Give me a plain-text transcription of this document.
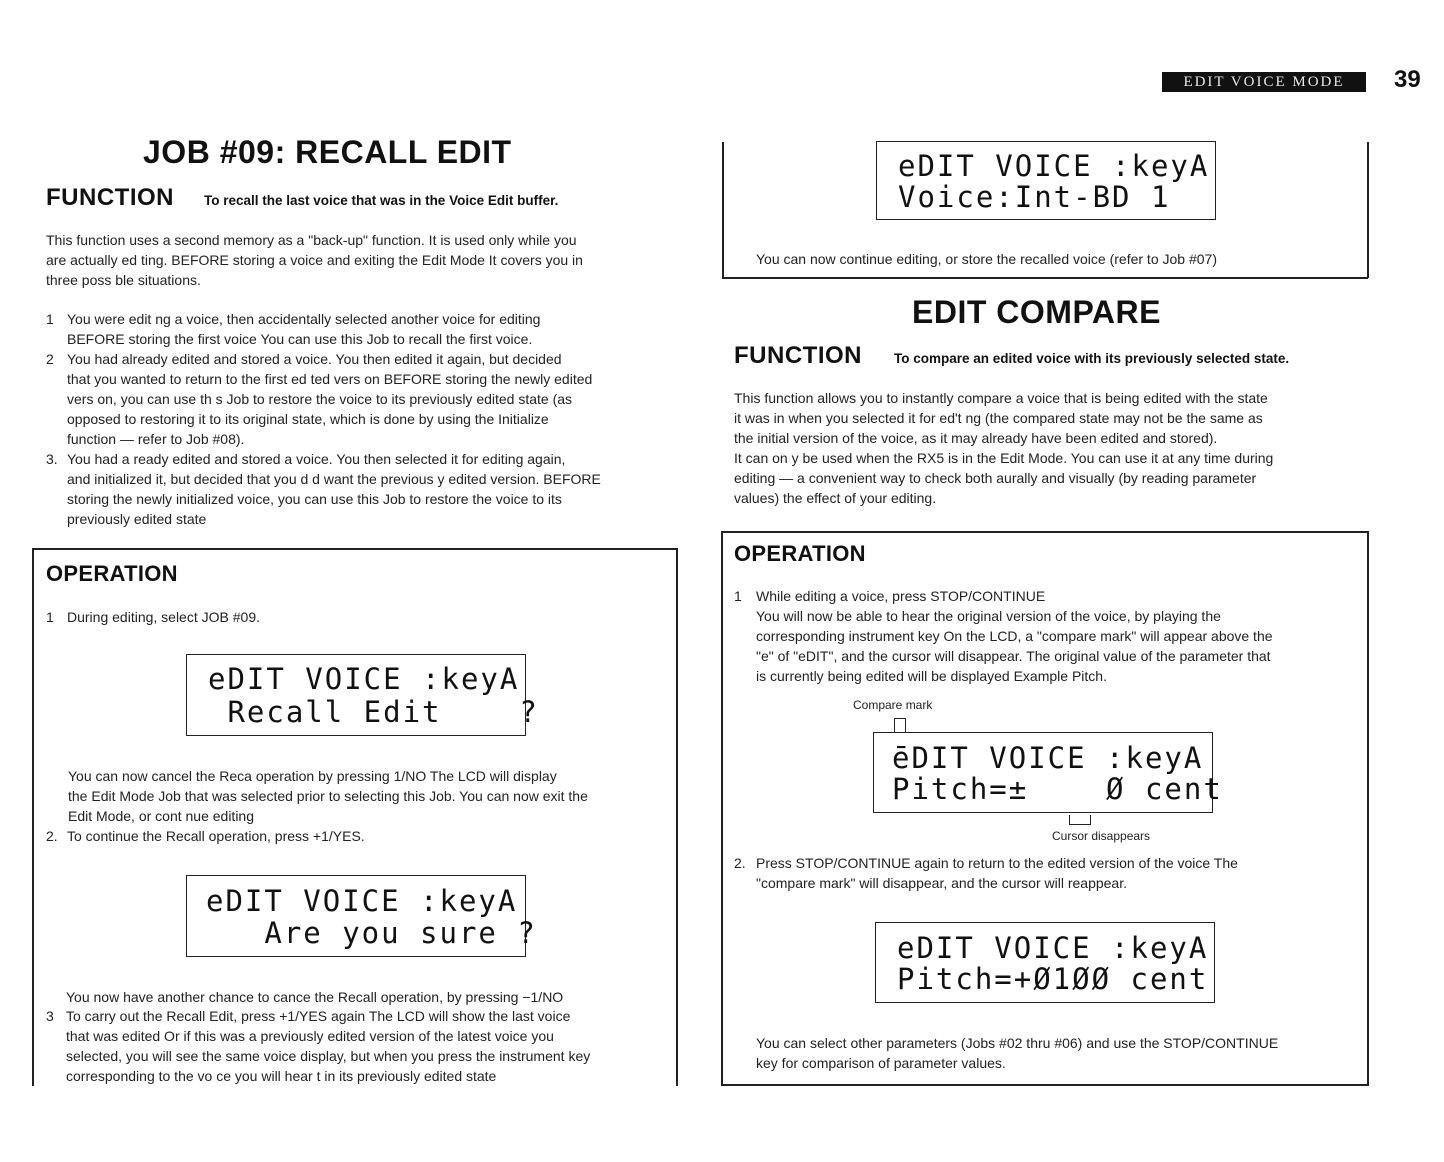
EDIT VOICE MODE	39
JOB #09: RECALL EDIT
FUNCTION To recall the last voice that was in the Voice Edit buffer.

This function uses a second memory as a "back-up" function. It is used only while you

are actually ed ting. BEFORE storing a voice and exiting the Edit Mode It covers you in

three poss ble situations.

1 You were edit ng a voice, then accidentally selected another voice for editing

BEFORE storing the first voice You can use this Job to recall the first voice.

2 You had already edited and stored a voice. You then edited it again, but decided

that you wanted to return to the first ed ted vers on BEFORE storing the newly edited

vers on, you can use th s Job to restore the voice to its previously edited state (as

opposed to restoring it to its original state, which is done by using the Initialize

function — refer to Job #08).

3. You had a ready edited and stored a voice. You then selected it for editing again,

and initialized it, but decided that you d d want the previous y edited version. BEFORE

storing the newly initialized voice, you can use this Job to restore the voice to its

previously edited state

OPERATION
1 During editing, select JOB #09.

eDIT VOICE :keyA
Recall Edit    ?

You can now cancel the Reca operation by pressing 1/NO The LCD will display

the Edit Mode Job that was selected prior to selecting this Job. You can now exit the

Edit Mode, or cont nue editing

2. To continue the Recall operation, press +1/YES.

eDIT VOICE :keyA
Are you sure ?

You now have another chance to cance the Recall operation, by pressing −1/NO

3 To carry out the Recall Edit, press +1/YES again The LCD will show the last voice

that was edited Or if this was a previously edited version of the latest voice you

selected, you will see the same voice display, but when you press the instrument key

corresponding to the vo ce you will hear t in its previously edited state

eDIT VOICE :keyA
Voice:Int-BD 1

You can now continue editing, or store the recalled voice (refer to Job #07)

EDIT COMPARE
FUNCTION To compare an edited voice with its previously selected state.

This function allows you to instantly compare a voice that is being edited with the state

it was in when you selected it for ed't ng (the compared state may not be the same as

the initial version of the voice, as it may already have been edited and stored).

It can on y be used when the RX5 is in the Edit Mode. You can use it at any time during

editing — a convenient way to check both aurally and visually (by reading parameter

values) the effect of your editing.

OPERATION
1 While editing a voice, press STOP/CONTINUE

You will now be able to hear the original version of the voice, by playing the

corresponding instrument key On the LCD, a "compare mark" will appear above the

"e" of "eDIT", and the cursor will disappear. The original value of the parameter that

is currently being edited will be displayed Example Pitch.

Compare mark
ēDIT VOICE :keyA
Pitch=±    Ø cent
Cursor disappears
2. Press STOP/CONTINUE again to return to the edited version of the voice The

"compare mark" will disappear, and the cursor will reappear.

eDIT VOICE :keyA
Pitch=+Ø1ØØ cent

You can select other parameters (Jobs #02 thru #06) and use the STOP/CONTINUE

key for comparison of parameter values.
